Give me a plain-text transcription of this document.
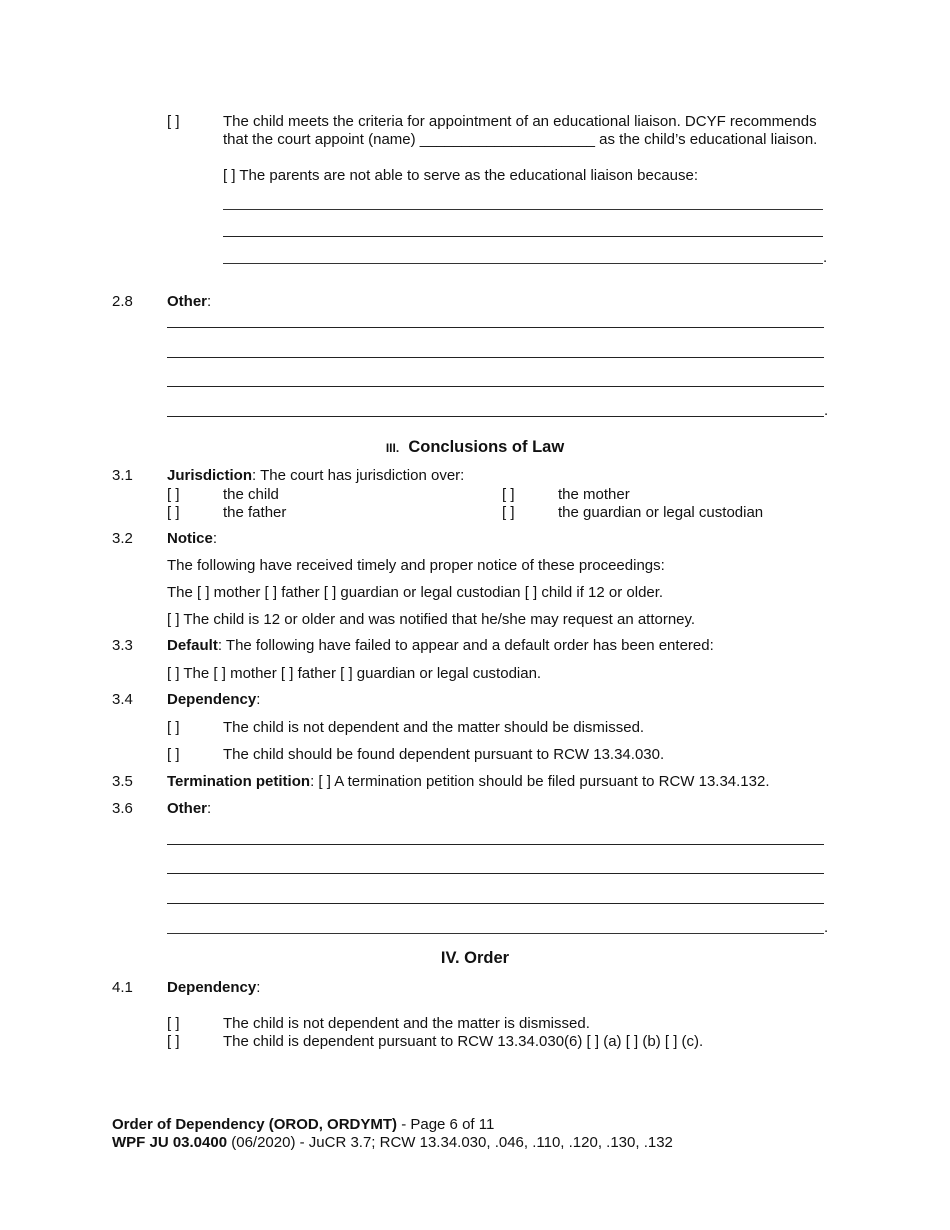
[ ]	The child meets the criteria for appointment of an educational liaison. DCYF recommends
that the court appoint (name) _____________________ as the child’s educational liaison.
[ ] The parents are not able to serve as the educational liaison because:
.
2.8 Other:
.
III. Conclusions of Law
3.1 Jurisdiction: The court has jurisdiction over:
[ ]	the child	[ ]	the mother
[ ]	the father	[ ]	the guardian or legal custodian
3.2 Notice:
The following have received timely and proper notice of these proceedings:
The [ ] mother [ ] father [ ] guardian or legal custodian [ ] child if 12 or older.
[ ] The child is 12 or older and was notified that he/she may request an attorney.
3.3 Default: The following have failed to appear and a default order has been entered:
[ ] The [ ] mother [ ] father [ ] guardian or legal custodian.
3.4 Dependency:
[ ]	The child is not dependent and the matter should be dismissed.
[ ]	The child should be found dependent pursuant to RCW 13.34.030.
3.5 Termination petition: [ ] A termination petition should be filed pursuant to RCW 13.34.132.
3.6 Other:
.
IV. Order
4.1 Dependency:
[ ]	The child is not dependent and the matter is dismissed.
[ ]	The child is dependent pursuant to RCW 13.34.030(6) [ ] (a) [ ] (b) [ ] (c).
Order of Dependency (OROD, ORDYMT) - Page 6 of 11
WPF JU 03.0400 (06/2020) - JuCR 3.7; RCW 13.34.030, .046, .110, .120, .130, .132
